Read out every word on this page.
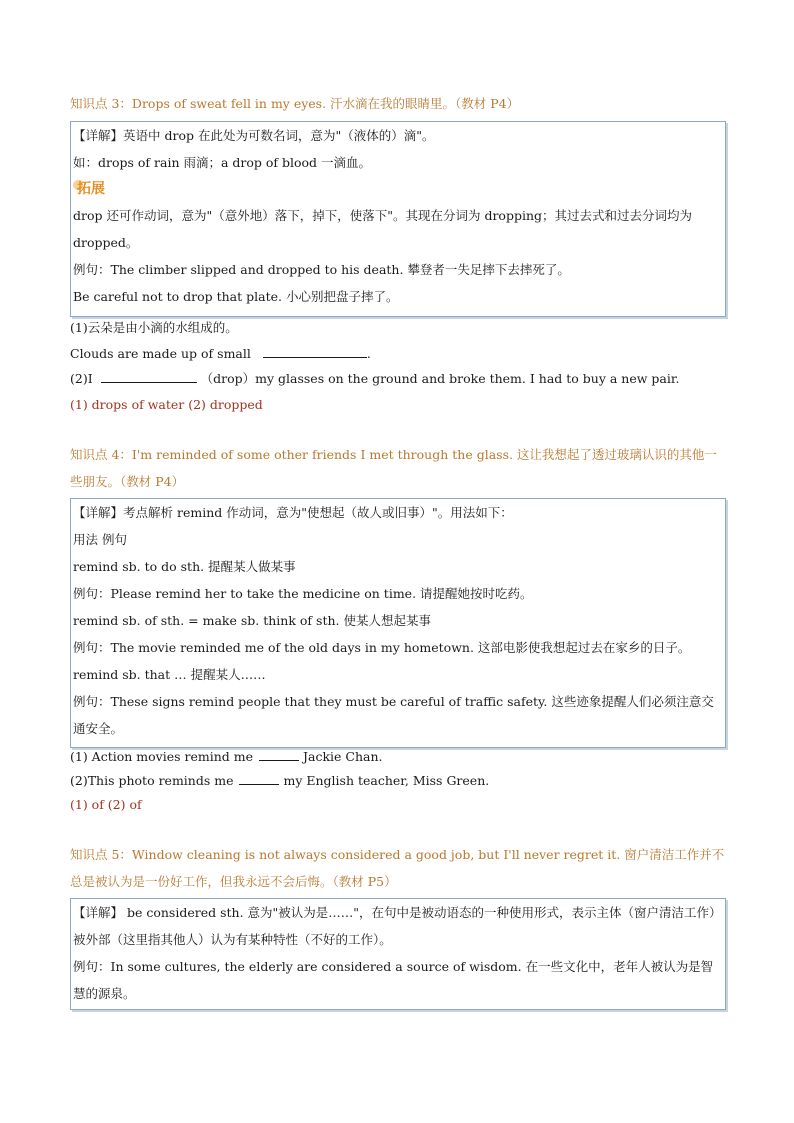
知识点 3：Drops of sweat fell in my eyes. 汗水滴在我的眼睛里。（教材 P4）
【详解】英语中 drop 在此处为可数名词，意为"（液体的）滴"。
如：drops of rain 雨滴；a drop of blood 一滴血。
拓展
drop 还可作动词，意为"（意外地）落下，掉下，使落下"。其现在分词为 dropping；其过去式和过去分词均为 dropped。
例句：The climber slipped and dropped to his death. 攀登者一失足摔下去摔死了。
Be careful not to drop that plate. 小心别把盘子摔了。
(1)云朵是由小滴的水组成的。
Clouds are made up of small	.
(2)I	（drop）my glasses on the ground and broke them. I had to buy a new pair.
(1) drops of water (2) dropped
知识点 4：I'm reminded of some other friends I met through the glass. 这让我想起了透过玻璃认识的其他一些朋友。（教材 P4）
【详解】考点解析 remind 作动词，意为"使想起（故人或旧事）"。用法如下：
用法 例句
remind sb. to do sth. 提醒某人做某事
例句：Please remind her to take the medicine on time. 请提醒她按时吃药。
remind sb. of sth. = make sb. think of sth. 使某人想起某事
例句：The movie reminded me of the old days in my hometown. 这部电影使我想起过去在家乡的日子。
remind sb. that … 提醒某人……
例句：These signs remind people that they must be careful of traffic safety. 这些迹象提醒人们必须注意交通安全。
(1) Action movies remind me	Jackie Chan.
(2)This photo reminds me	my English teacher, Miss Green.
(1) of (2) of
知识点 5：Window cleaning is not always considered a good job, but I'll never regret it. 窗户清洁工作并不总是被认为是一份好工作，但我永远不会后悔。（教材 P5）
【详解】 be considered sth. 意为"被认为是……"，在句中是被动语态的一种使用形式，表示主体（窗户清洁工作）被外部（这里指其他人）认为有某种特性（不好的工作）。
例句：In some cultures, the elderly are considered a source of wisdom. 在一些文化中，老年人被认为是智慧的源泉。
